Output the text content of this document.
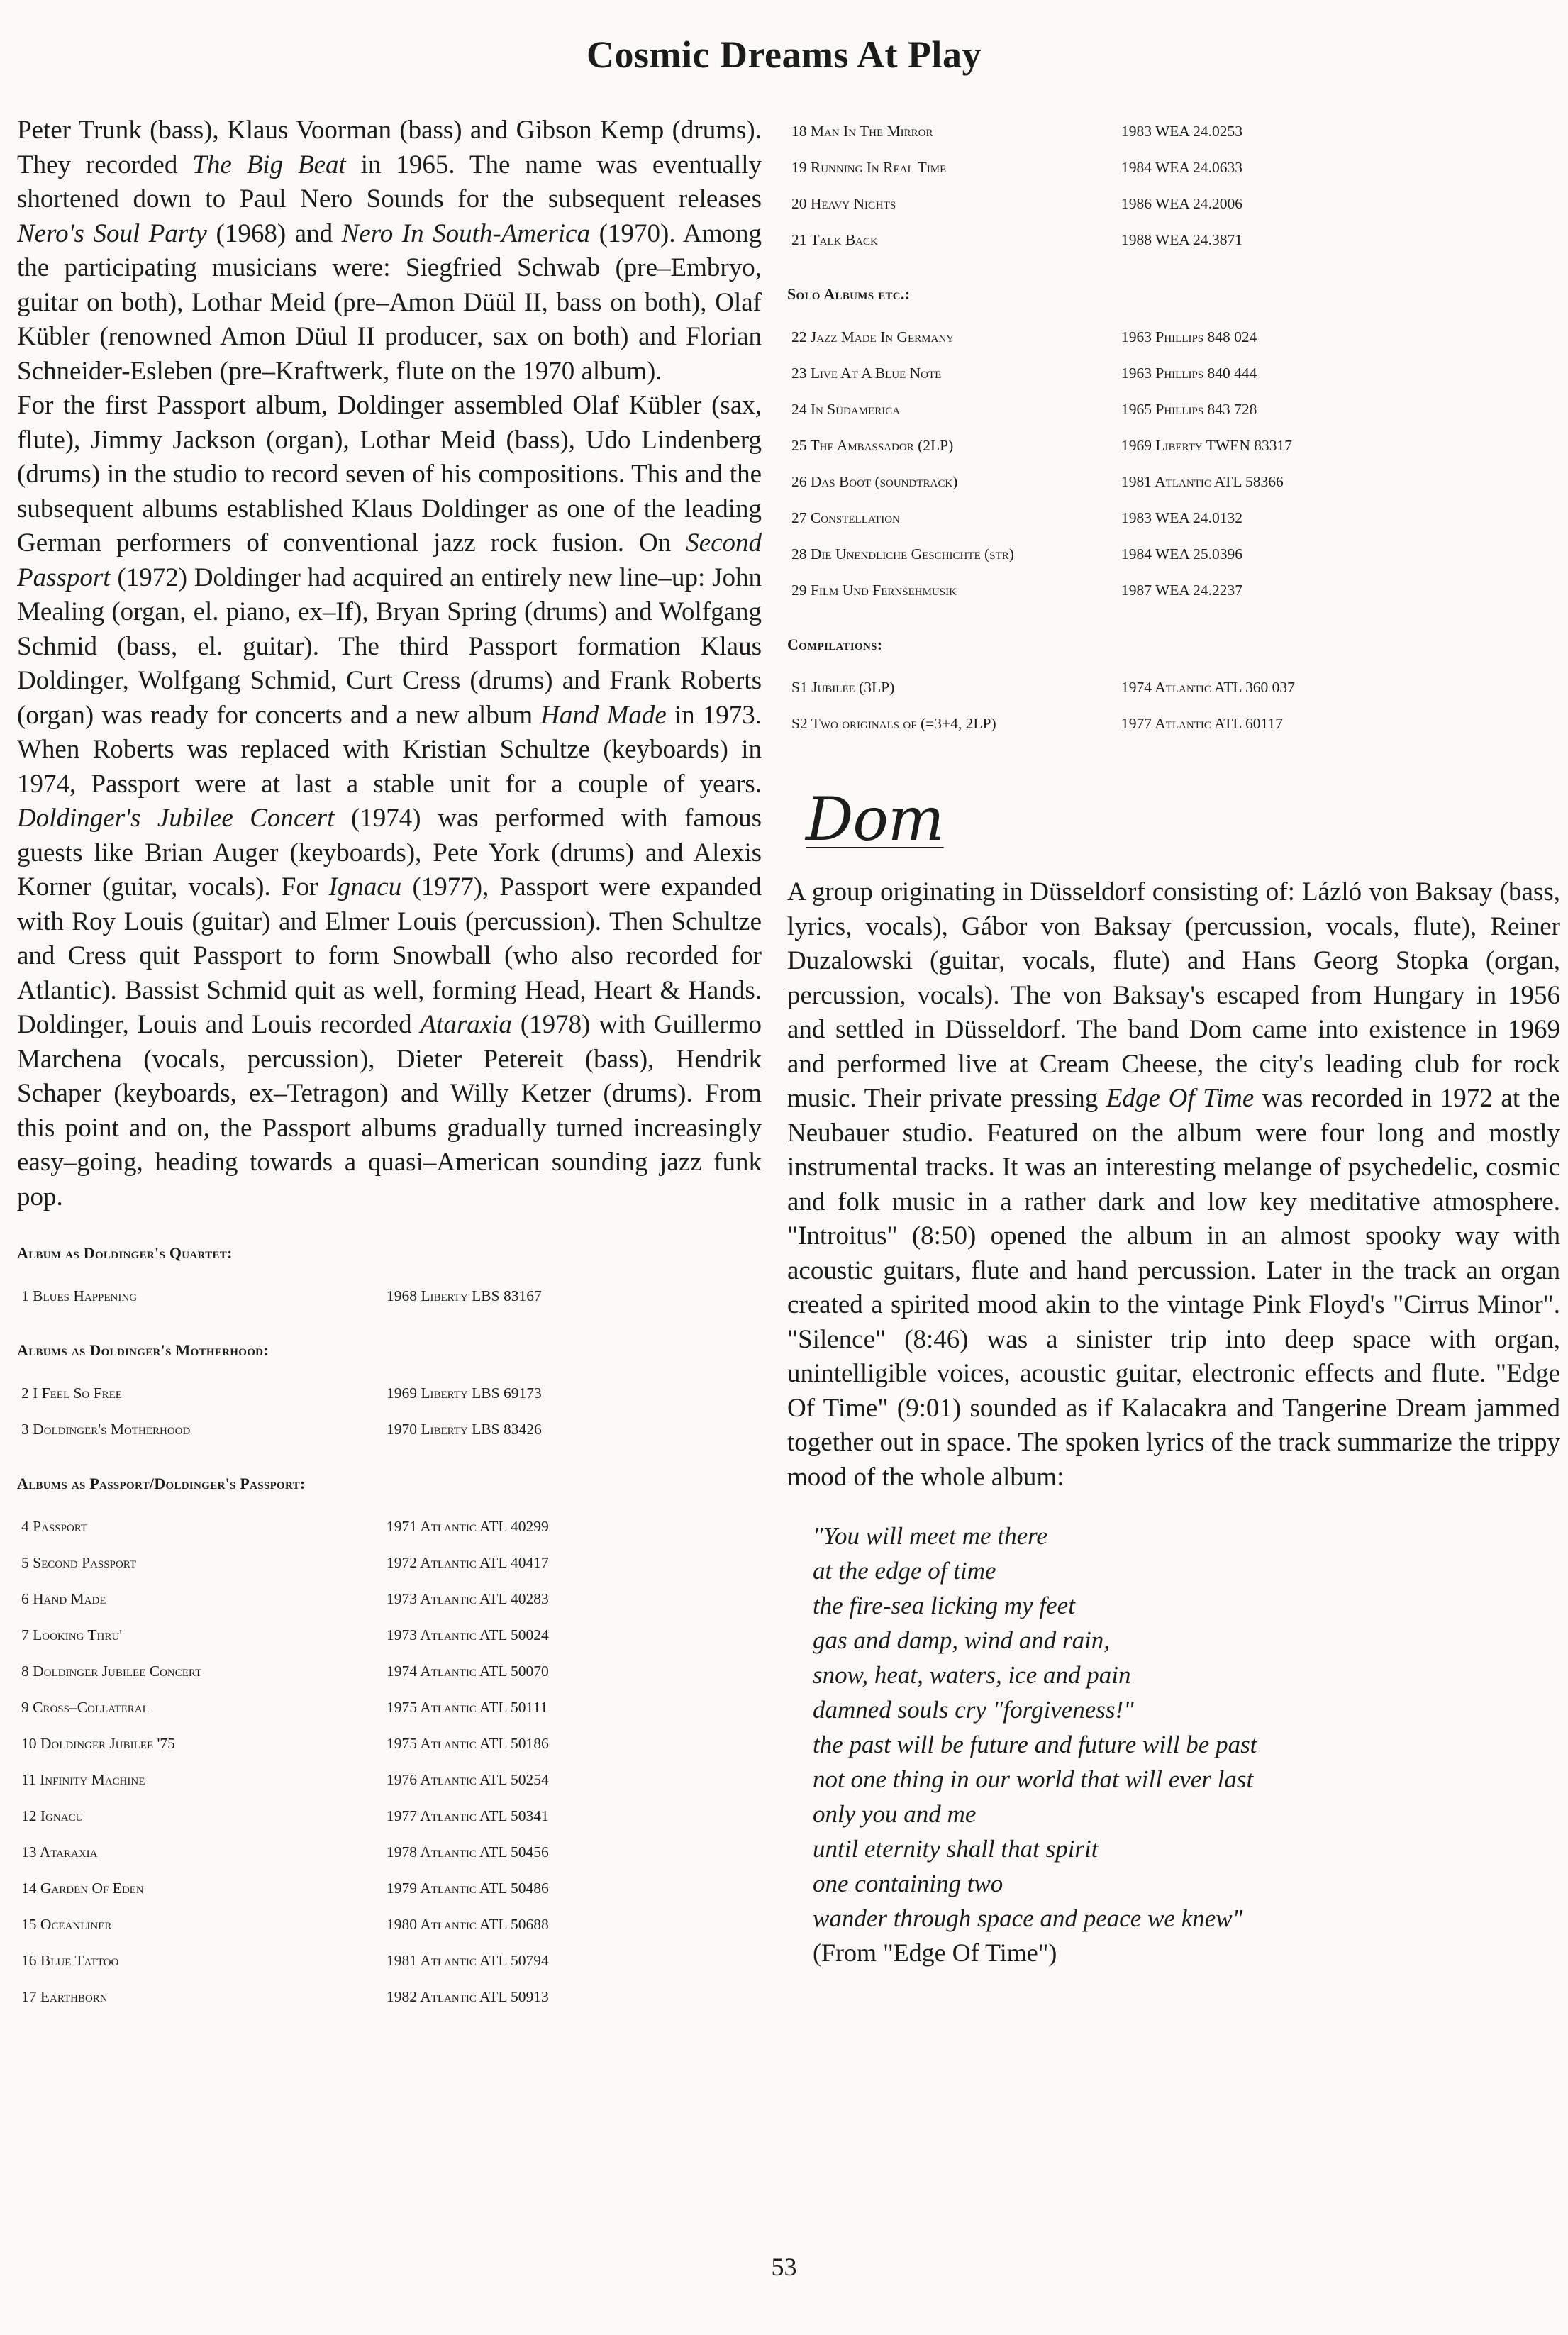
Cosmic Dreams At Play

Peter Trunk (bass), Klaus Voorman (bass) and Gibson Kemp (drums). They recorded The Big Beat in 1965. The name was eventually shortened down to Paul Nero Sounds for the subsequent releases Nero's Soul Party (1968) and Nero In South-America (1970). Among the participating musicians were: Siegfried Schwab (pre–Embryo, guitar on both), Lothar Meid (pre–Amon Düül II, bass on both), Olaf Kübler (renowned Amon Düul II producer, sax on both) and Florian Schneider-Esleben (pre–Kraftwerk, flute on the 1970 album).

For the first Passport album, Doldinger assembled Olaf Kübler (sax, flute), Jimmy Jackson (organ), Lothar Meid (bass), Udo Lindenberg (drums) in the studio to record seven of his compositions. This and the subsequent albums established Klaus Doldinger as one of the leading German performers of conventional jazz rock fusion. On Second Passport (1972) Doldinger had acquired an entirely new line–up: John Mealing (organ, el. piano, ex–If), Bryan Spring (drums) and Wolfgang Schmid (bass, el. guitar). The third Passport formation Klaus Doldinger, Wolfgang Schmid, Curt Cress (drums) and Frank Roberts (organ) was ready for concerts and a new album Hand Made in 1973. When Roberts was replaced with Kristian Schultze (keyboards) in 1974, Passport were at last a stable unit for a couple of years. Doldinger's Jubilee Concert (1974) was performed with famous guests like Brian Auger (keyboards), Pete York (drums) and Alexis Korner (guitar, vocals). For Ignacu (1977), Passport were expanded with Roy Louis (guitar) and Elmer Louis (percussion). Then Schultze and Cress quit Passport to form Snowball (who also recorded for Atlantic). Bassist Schmid quit as well, forming Head, Heart & Hands. Doldinger, Louis and Louis recorded Ataraxia (1978) with Guillermo Marchena (vocals, percussion), Dieter Petereit (bass), Hendrik Schaper (keyboards, ex–Tetragon) and Willy Ketzer (drums). From this point and on, the Passport albums gradually turned increasingly easy–going, heading towards a quasi–American sounding jazz funk pop.

Album as Doldinger's Quartet:
1 Blues Happening	1968 Liberty LBS 83167
Albums as Doldinger's Motherhood:
2 I Feel So Free	1969 Liberty LBS 69173
3 Doldinger's Motherhood	1970 Liberty LBS 83426
Albums as Passport/Doldinger's Passport:
4 Passport	1971 Atlantic ATL 40299
5 Second Passport	1972 Atlantic ATL 40417
6 Hand Made	1973 Atlantic ATL 40283
7 Looking Thru'	1973 Atlantic ATL 50024
8 Doldinger Jubilee Concert	1974 Atlantic ATL 50070
9 Cross–Collateral	1975 Atlantic ATL 50111
10 Doldinger Jubilee '75	1975 Atlantic ATL 50186
11 Infinity Machine	1976 Atlantic ATL 50254
12 Ignacu	1977 Atlantic ATL 50341
13 Ataraxia	1978 Atlantic ATL 50456
14 Garden Of Eden	1979 Atlantic ATL 50486
15 Oceanliner	1980 Atlantic ATL 50688
16 Blue Tattoo	1981 Atlantic ATL 50794
17 Earthborn	1982 Atlantic ATL 50913
18 Man In The Mirror	1983 WEA 24.0253
19 Running In Real Time	1984 WEA 24.0633
20 Heavy Nights	1986 WEA 24.2006
21 Talk Back	1988 WEA 24.3871
Solo Albums etc.:
22 Jazz Made In Germany	1963 Phillips 848 024
23 Live At A Blue Note	1963 Phillips 840 444
24 In Südamerica	1965 Phillips 843 728
25 The Ambassador (2LP)	1969 Liberty TWEN 83317
26 Das Boot (soundtrack)	1981 Atlantic ATL 58366
27 Constellation	1983 WEA 24.0132
28 Die Unendliche Geschichte (str)	1984 WEA 25.0396
29 Film Und Fernsehmusik	1987 WEA 24.2237
Compilations:
S1 Jubilee (3LP)	1974 Atlantic ATL 360 037
S2 Two originals of (=3+4, 2LP)	1977 Atlantic ATL 60117
Dom

A group originating in Düsseldorf consisting of: Lázló von Baksay (bass, lyrics, vocals), Gábor von Baksay (percussion, vocals, flute), Reiner Duzalowski (guitar, vocals, flute) and Hans Georg Stopka (organ, percussion, vocals). The von Baksay's escaped from Hungary in 1956 and settled in Düsseldorf. The band Dom came into existence in 1969 and performed live at Cream Cheese, the city's leading club for rock music. Their private pressing Edge Of Time was recorded in 1972 at the Neubauer studio. Featured on the album were four long and mostly instrumental tracks. It was an interesting melange of psychedelic, cosmic and folk music in a rather dark and low key meditative atmosphere. "Introitus" (8:50) opened the album in an almost spooky way with acoustic guitars, flute and hand percussion. Later in the track an organ created a spirited mood akin to the vintage Pink Floyd's "Cirrus Minor". "Silence" (8:46) was a sinister trip into deep space with organ, unintelligible voices, acoustic guitar, electronic effects and flute. "Edge Of Time" (9:01) sounded as if Kalacakra and Tangerine Dream jammed together out in space. The spoken lyrics of the track summarize the trippy mood of the whole album:

"You will meet me there
at the edge of time
the fire-sea licking my feet
gas and damp, wind and rain,
snow, heat, waters, ice and pain
damned souls cry "forgiveness!"
the past will be future and future will be past
not one thing in our world that will ever last
only you and me
until eternity shall that spirit
one containing two
wander through space and peace we knew"
(From "Edge Of Time")
53
